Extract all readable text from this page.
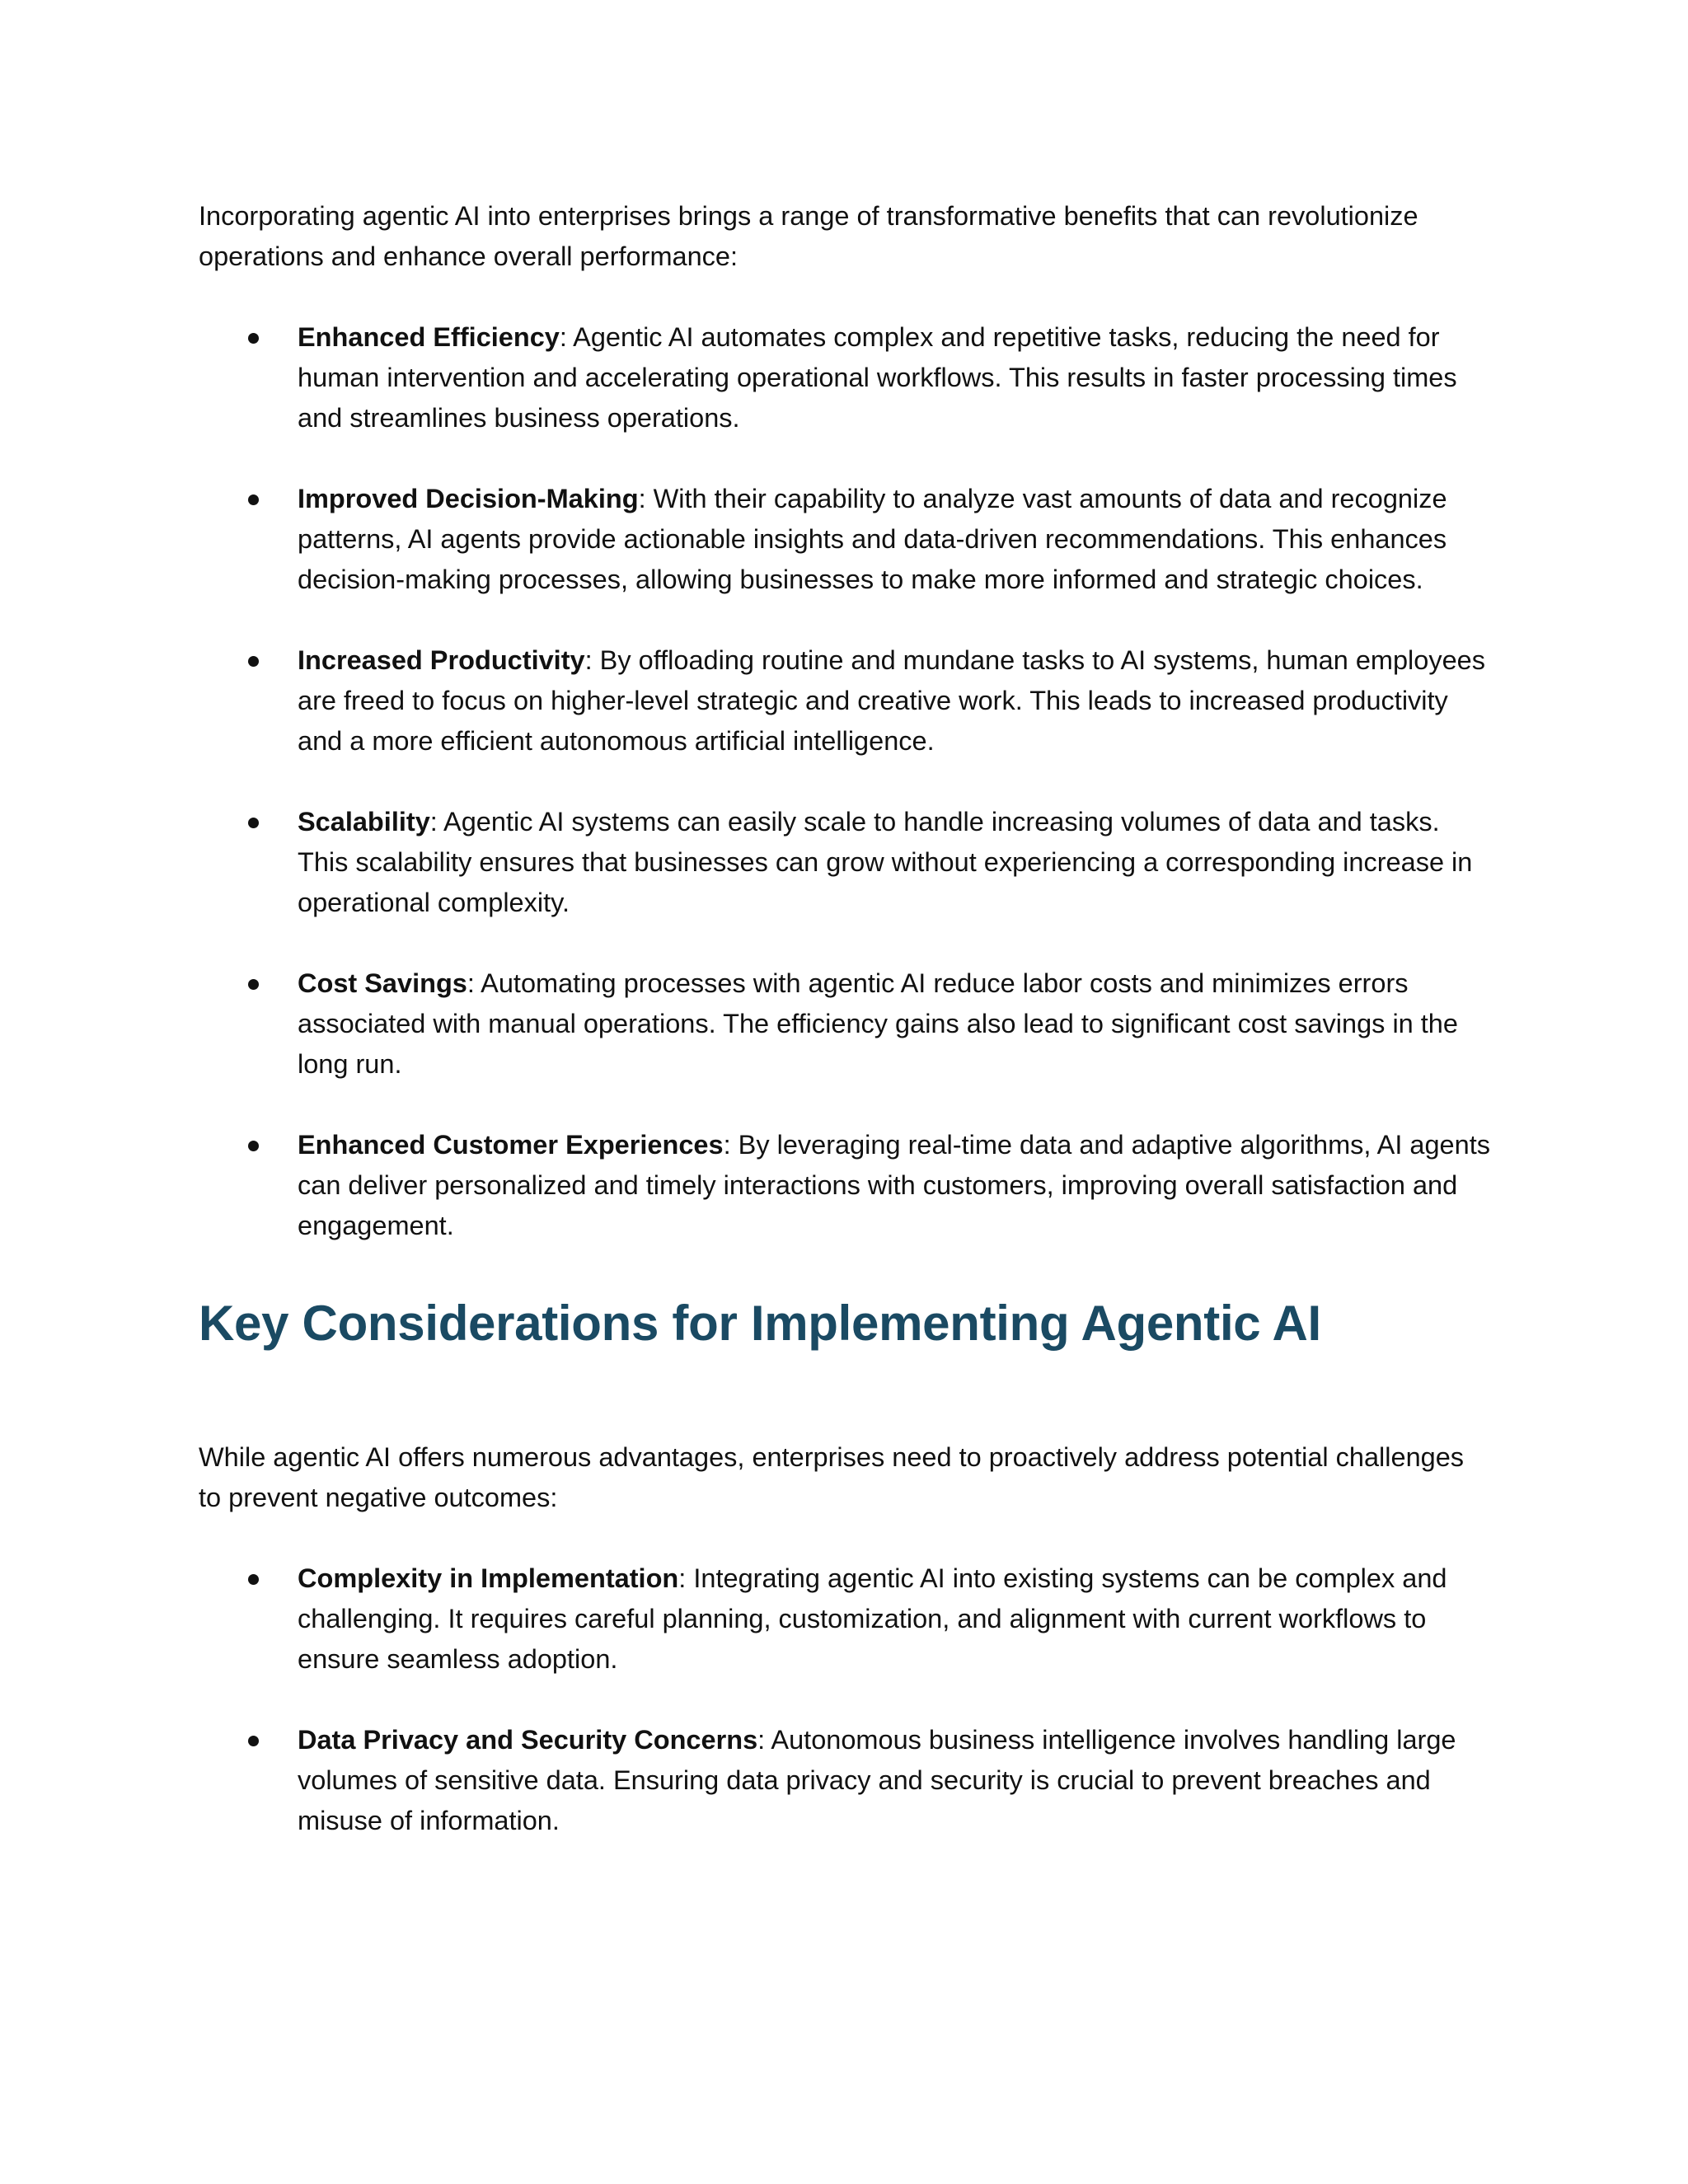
Incorporating agentic AI into enterprises brings a range of transformative benefits that can revolutionize operations and enhance overall performance:

Enhanced Efficiency: Agentic AI automates complex and repetitive tasks, reducing the need for human intervention and accelerating operational workflows. This results in faster processing times and streamlines business operations.
Improved Decision-Making: With their capability to analyze vast amounts of data and recognize patterns, AI agents provide actionable insights and data-driven recommendations. This enhances decision-making processes, allowing businesses to make more informed and strategic choices.
Increased Productivity: By offloading routine and mundane tasks to AI systems, human employees are freed to focus on higher-level strategic and creative work. This leads to increased productivity and a more efficient autonomous artificial intelligence.
Scalability: Agentic AI systems can easily scale to handle increasing volumes of data and tasks. This scalability ensures that businesses can grow without experiencing a corresponding increase in operational complexity.
Cost Savings: Automating processes with agentic AI reduce labor costs and minimizes errors associated with manual operations. The efficiency gains also lead to significant cost savings in the long run.
Enhanced Customer Experiences: By leveraging real-time data and adaptive algorithms, AI agents can deliver personalized and timely interactions with customers, improving overall satisfaction and engagement.
Key Considerations for Implementing Agentic AI

While agentic AI offers numerous advantages, enterprises need to proactively address potential challenges to prevent negative outcomes:

Complexity in Implementation: Integrating agentic AI into existing systems can be complex and challenging. It requires careful planning, customization, and alignment with current workflows to ensure seamless adoption.
Data Privacy and Security Concerns: Autonomous business intelligence involves handling large volumes of sensitive data. Ensuring data privacy and security is crucial to prevent breaches and misuse of information.
